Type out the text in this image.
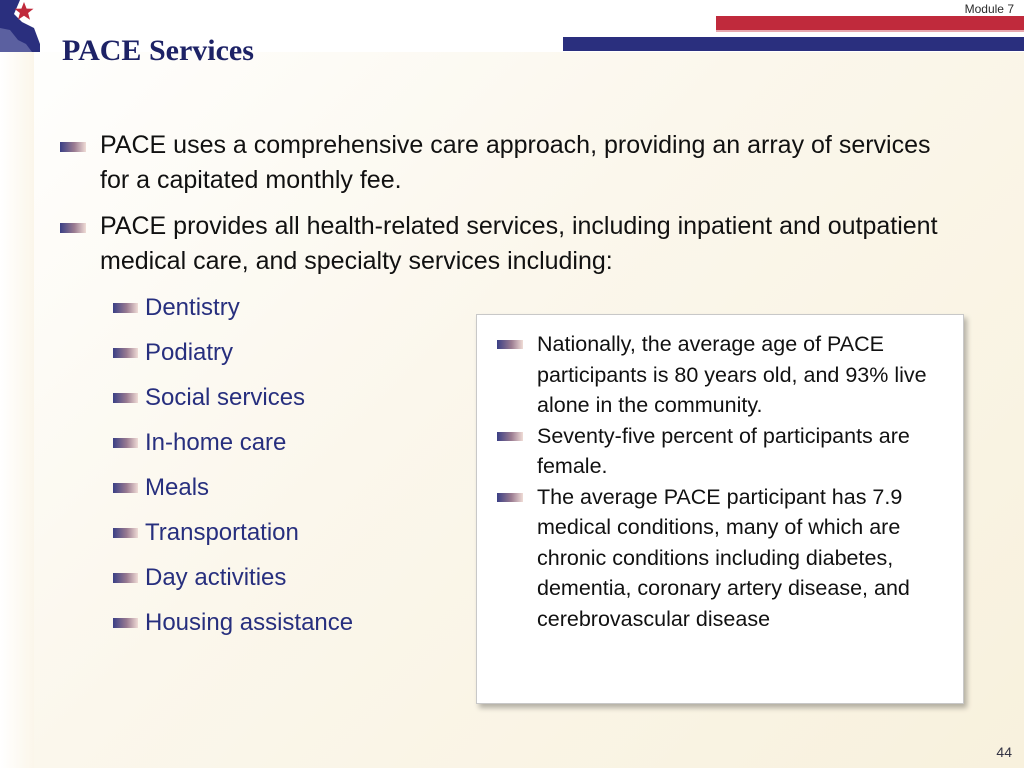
Module 7
PACE Services
PACE uses a comprehensive care approach, providing an array of services for a capitated monthly fee.
PACE provides all health-related services, including inpatient and outpatient medical care, and specialty services including:
Dentistry
Podiatry
Social services
In-home care
Meals
Transportation
Day activities
Housing assistance
Nationally, the average age of PACE participants is 80 years old, and 93% live alone in the community.
Seventy-five percent of participants are female.
The average PACE participant has 7.9 medical conditions, many of which are chronic conditions including diabetes, dementia, coronary artery disease, and cerebrovascular disease
44
